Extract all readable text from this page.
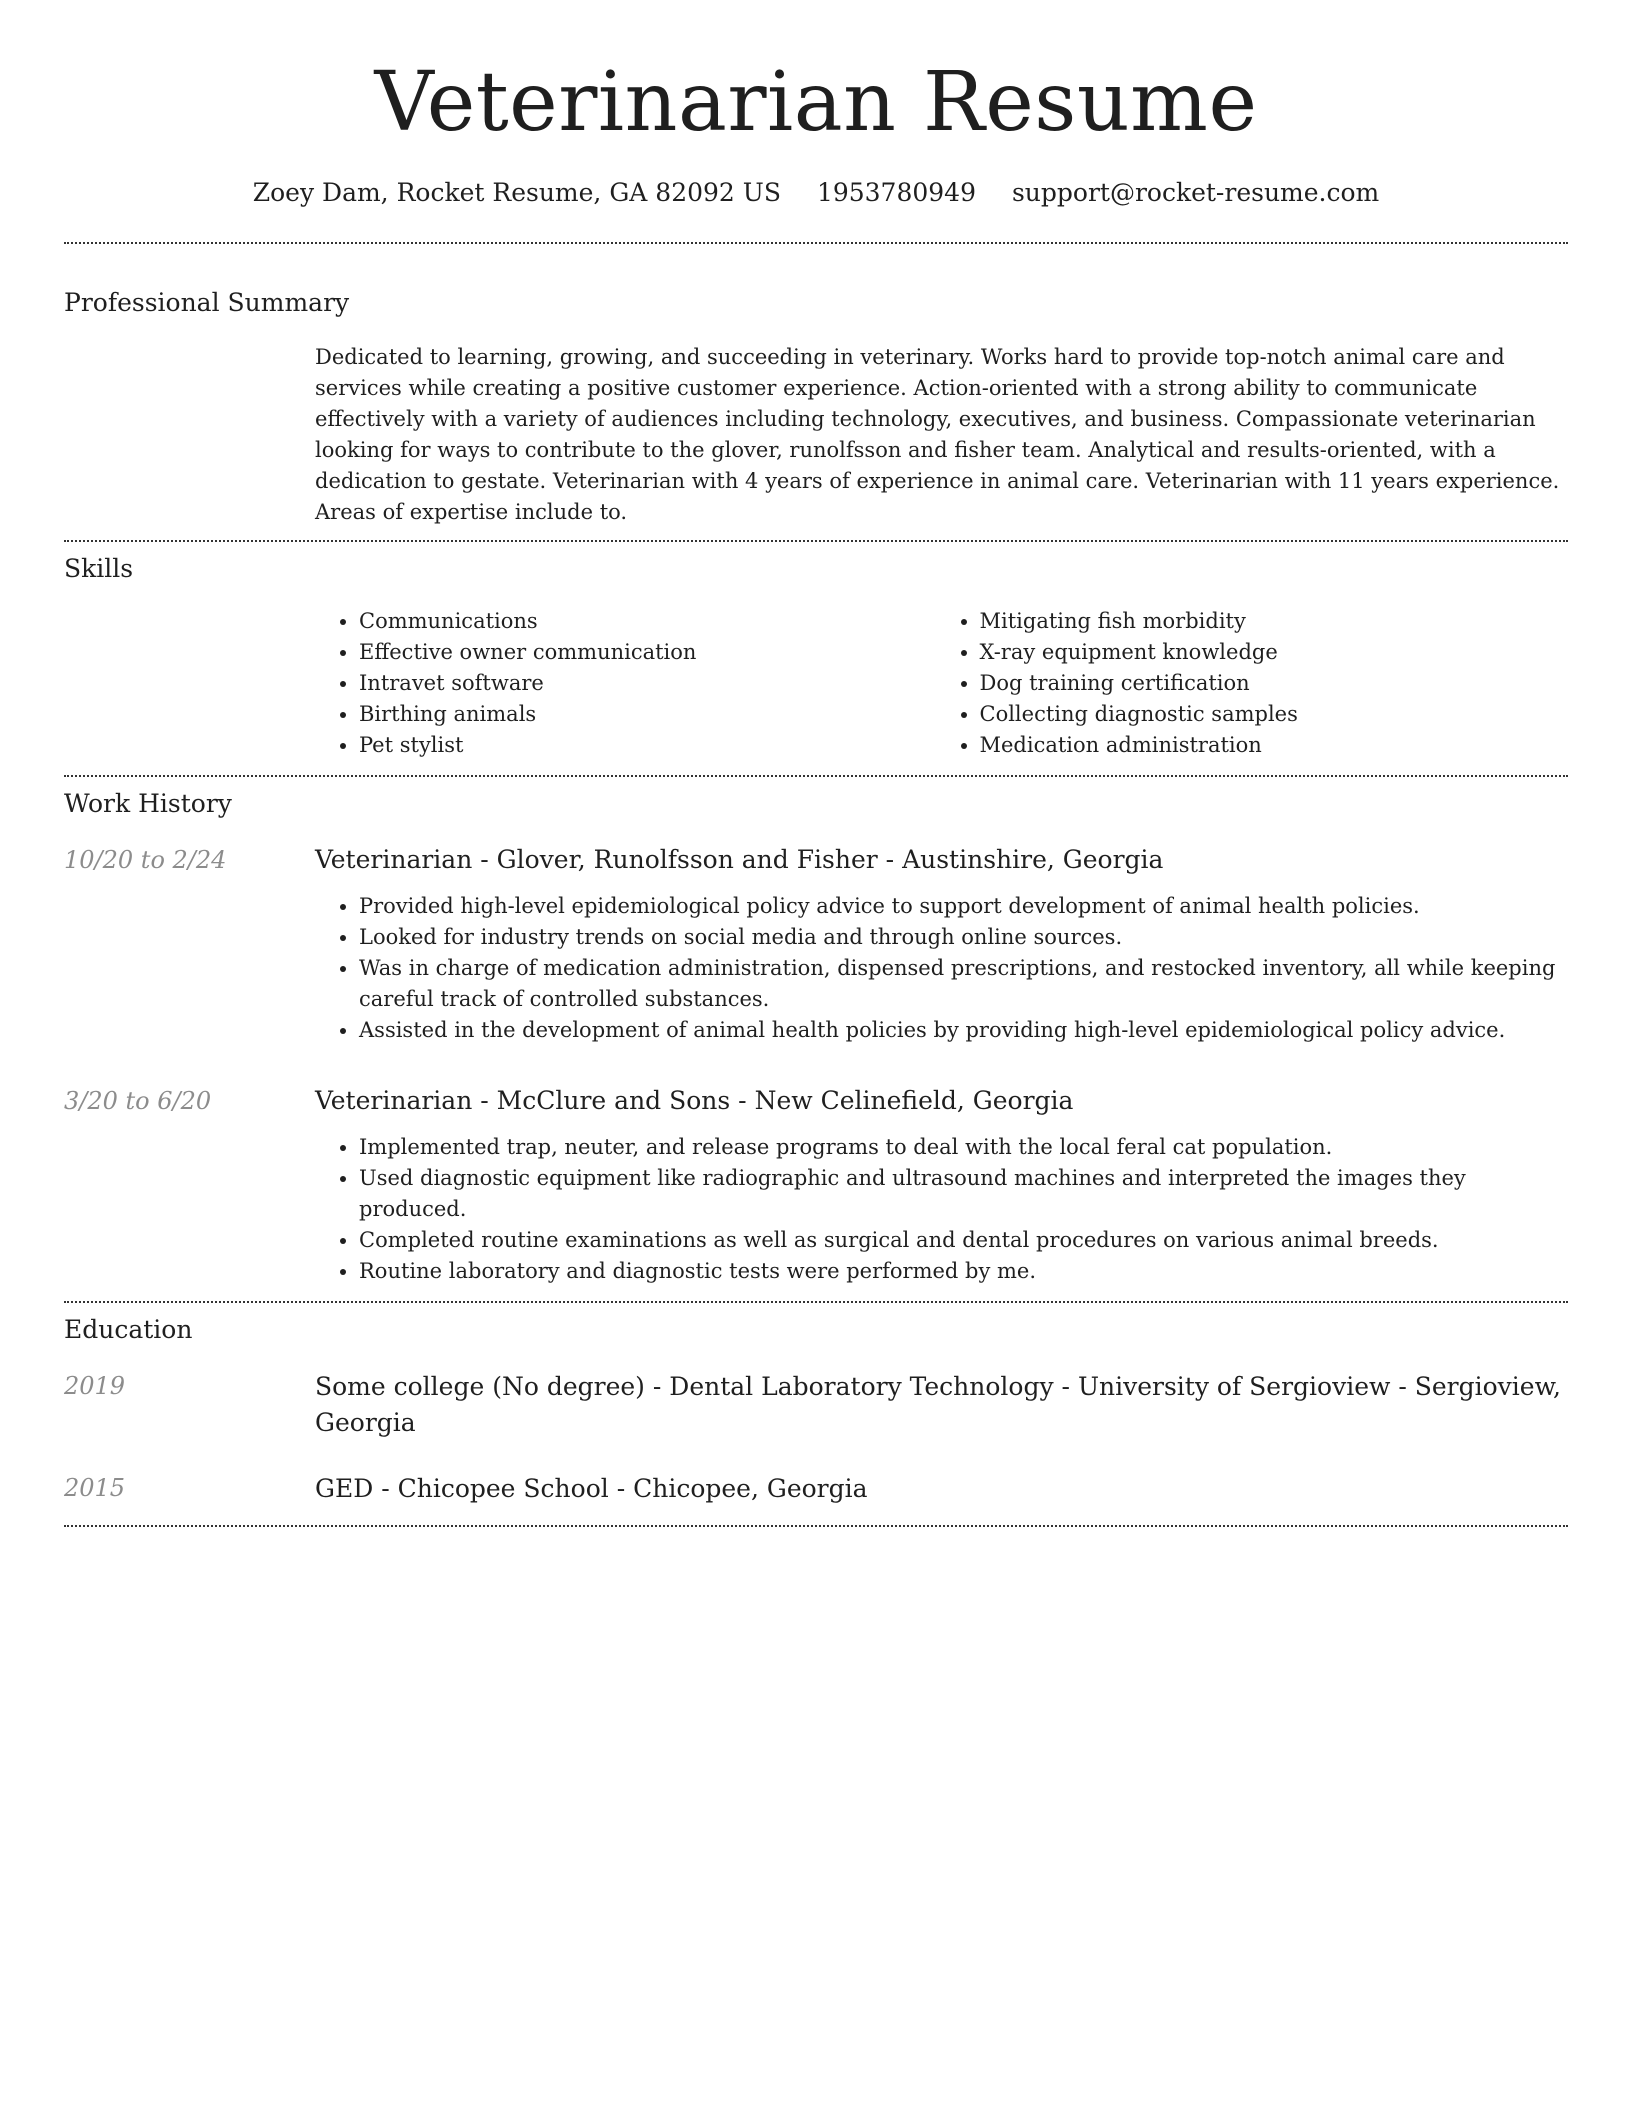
Veterinarian Resume
Zoey Dam, Rocket Resume, GA 82092 US 1953780949 support@rocket-resume.com
Professional Summary

Dedicated to learning, growing, and succeeding in veterinary. Works hard to provide top-notch animal care and services while creating a positive customer experience. Action-oriented with a strong ability to communicate effectively with a variety of audiences including technology, executives, and business. Compassionate veterinarian looking for ways to contribute to the glover, runolfsson and fisher team. Analytical and results-oriented, with a dedication to gestate. Veterinarian with 4 years of experience in animal care. Veterinarian with 11 years experience. Areas of expertise include to.

Skills
• Communications
• Effective owner communication
• Intravet software
• Birthing animals
• Pet stylist
• Mitigating fish morbidity
• X-ray equipment knowledge
• Dog training certification
• Collecting diagnostic samples
• Medication administration
Work History
10/20 to 2/24	Veterinarian - Glover, Runolfsson and Fisher - Austinshire, Georgia
• Provided high-level epidemiological policy advice to support development of animal health policies.
• Looked for industry trends on social media and through online sources.
• Was in charge of medication administration, dispensed prescriptions, and restocked inventory, all while keeping careful track of controlled substances.
• Assisted in the development of animal health policies by providing high-level epidemiological policy advice.
3/20 to 6/20	Veterinarian - McClure and Sons - New Celinefield, Georgia
• Implemented trap, neuter, and release programs to deal with the local feral cat population.
• Used diagnostic equipment like radiographic and ultrasound machines and interpreted the images they produced.
• Completed routine examinations as well as surgical and dental procedures on various animal breeds.
• Routine laboratory and diagnostic tests were performed by me.
Education
2019	Some college (No degree) - Dental Laboratory Technology - University of Sergioview - Sergioview, Georgia
2015	GED - Chicopee School - Chicopee, Georgia
